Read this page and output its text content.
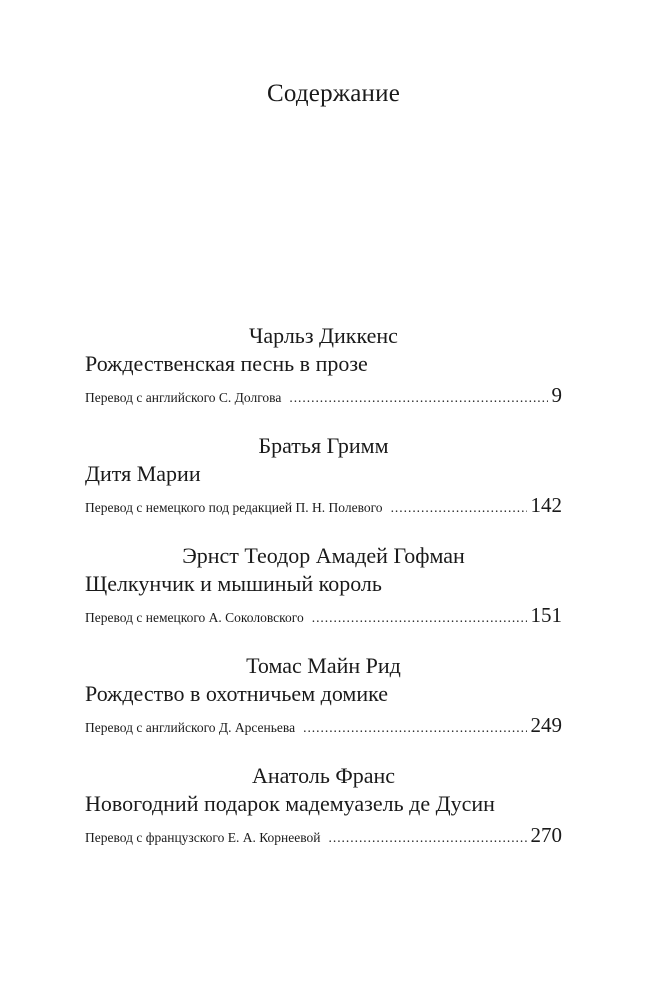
Содержание
Чарльз Диккенс
Рождественская песнь в прозе
Перевод с английского С. Долгова . . .	9
Братья Гримм
Дитя Марии
Перевод с немецкого под редакцией П. Н. Полевого . . .	142
Эрнст Теодор Амадей Гофман
Щелкунчик и мышиный король
Перевод с немецкого А. Соколовского . . .	151
Томас Майн Рид
Рождество в охотничьем домике
Перевод с английского Д. Арсеньева . . .	249
Анатоль Франс
Новогодний подарок мадемуазель де Дусин
Перевод с французского Е. А. Корнеевой . . .	270
